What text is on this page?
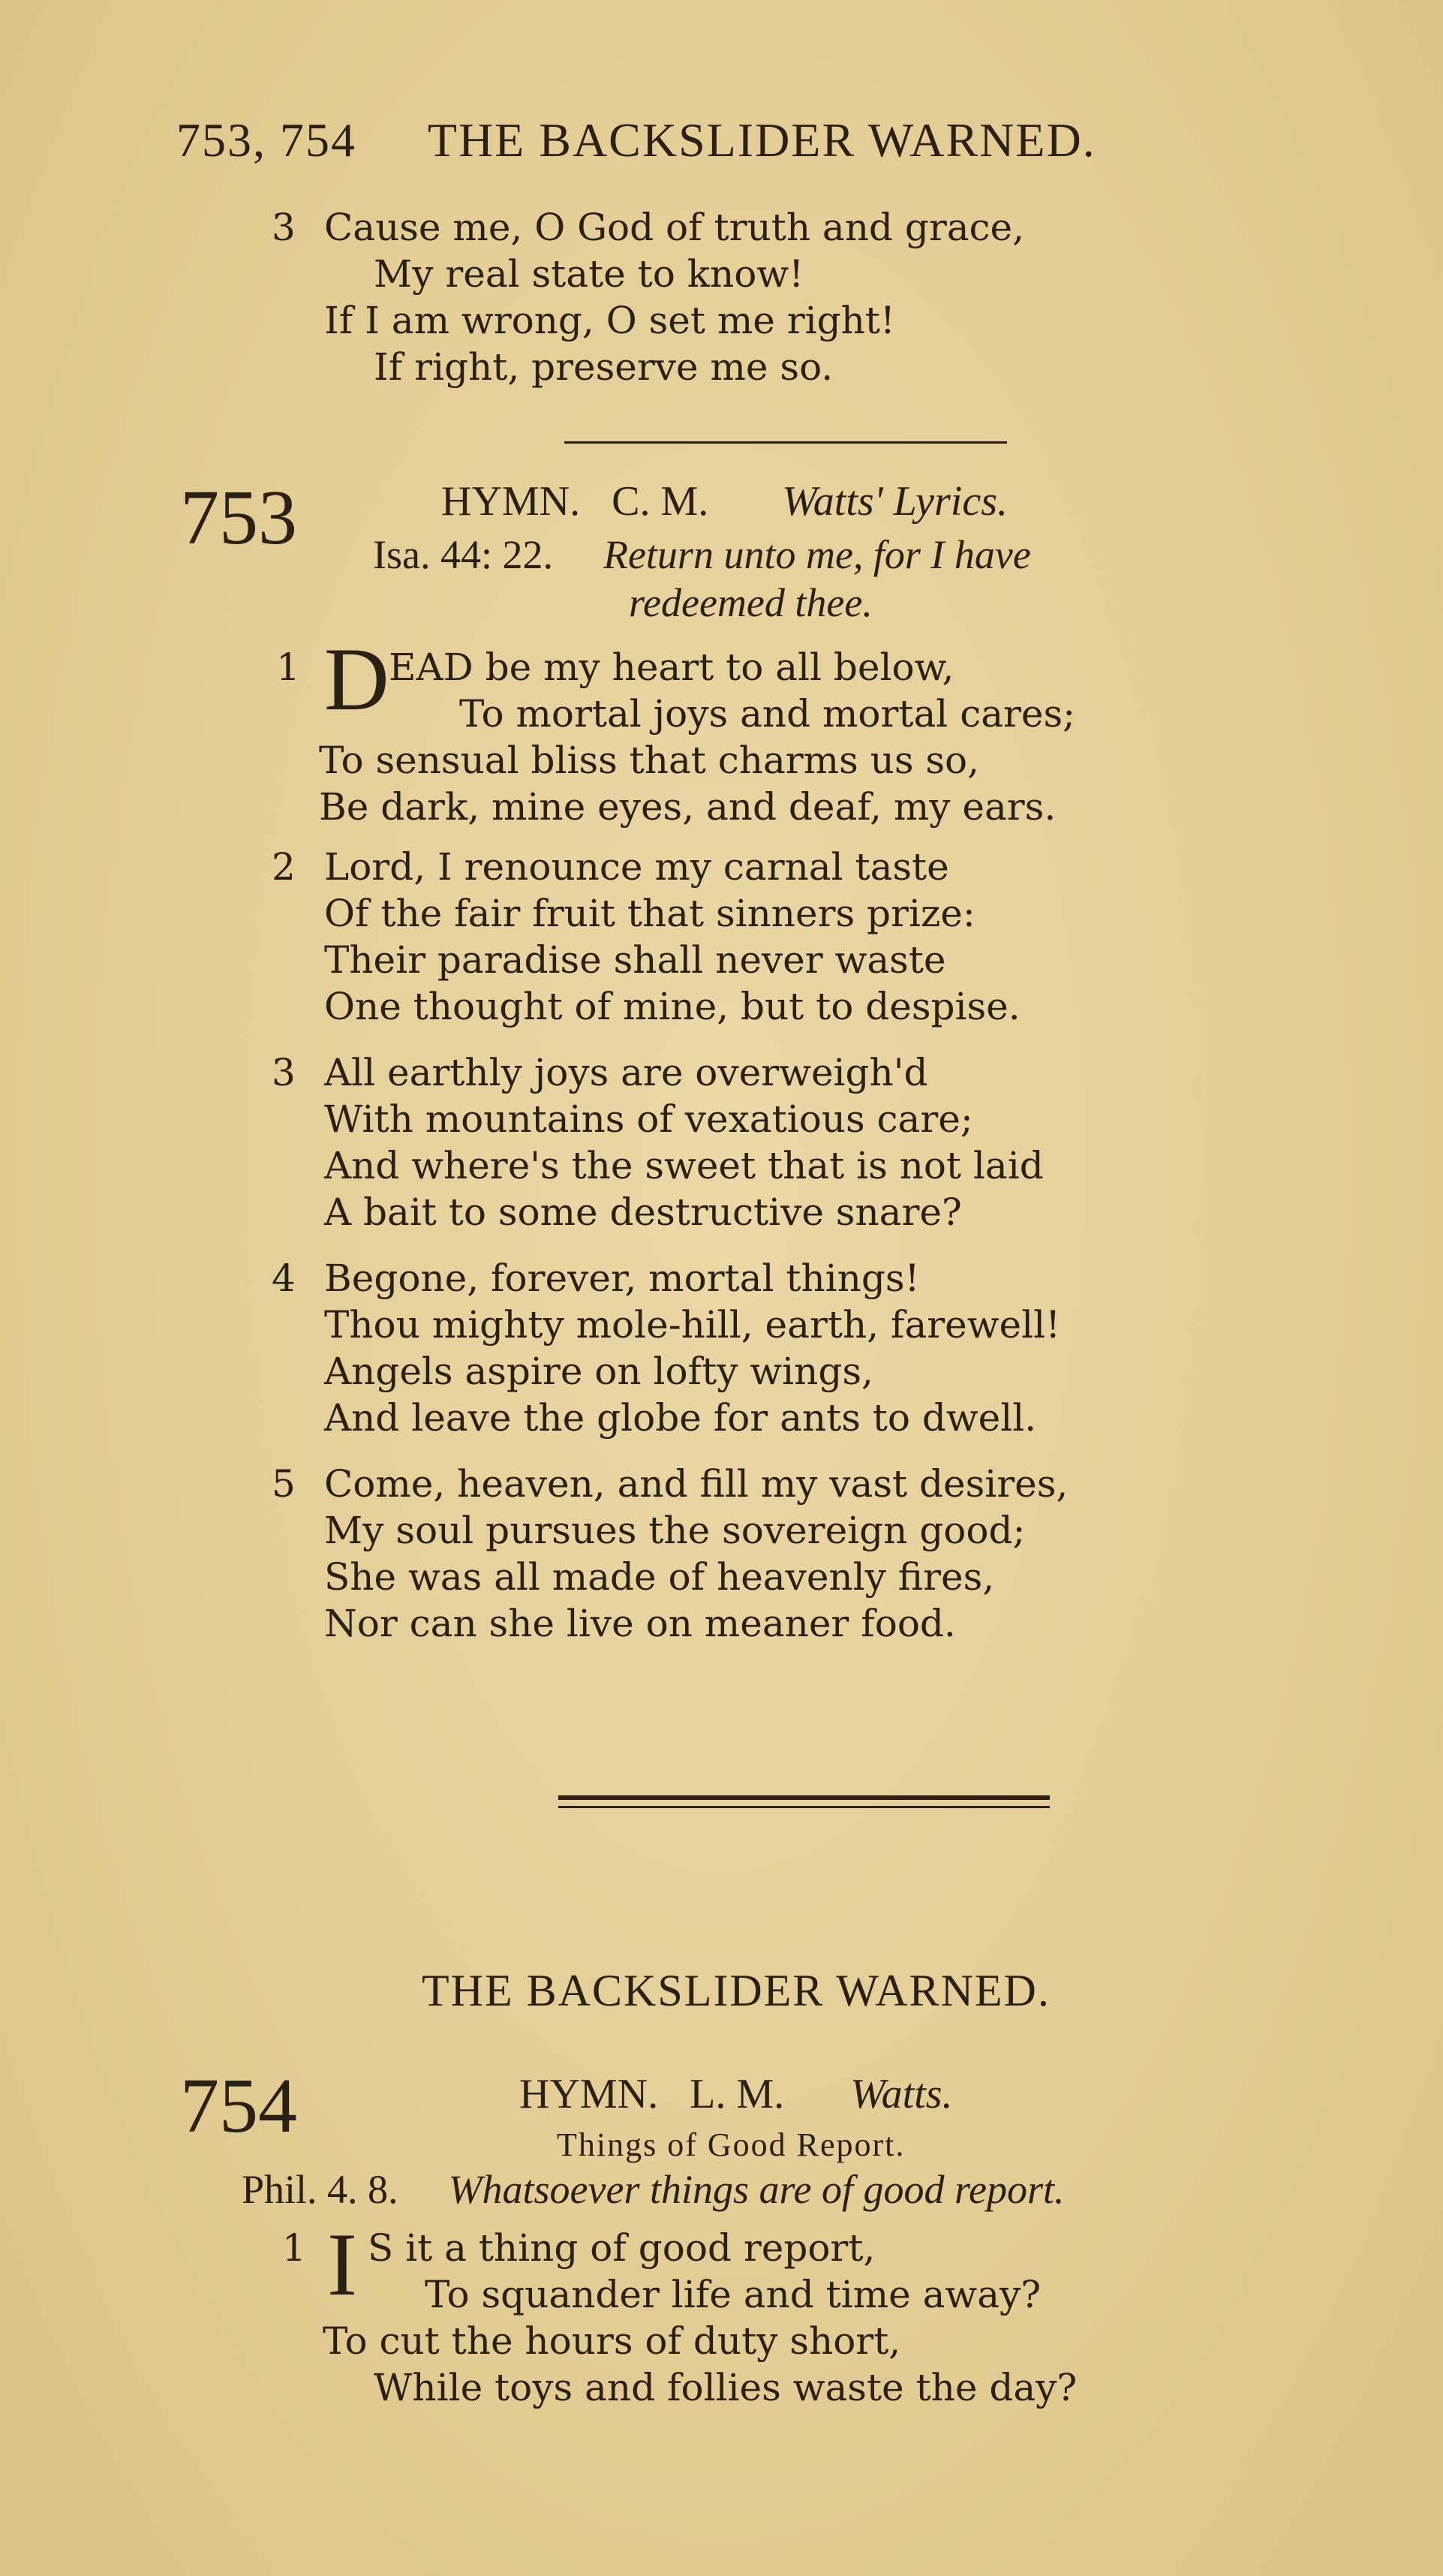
753, 754 THE BACKSLIDER WARNED.
3 Cause me, O God of truth and grace,
My real state to know!
If I am wrong, O set me right!
If right, preserve me so.
753	HYMN.   C. M. Watts' Lyrics.
Isa. 44: 22. Return unto me, for I have
redeemed thee.
1 D EAD be my heart to all below,
To mortal joys and mortal cares;
To sensual bliss that charms us so,
Be dark, mine eyes, and deaf, my ears.
2 Lord, I renounce my carnal taste
Of the fair fruit that sinners prize:
Their paradise shall never waste
One thought of mine, but to despise.
3 All earthly joys are overweigh'd
With mountains of vexatious care;
And where's the sweet that is not laid
A bait to some destructive snare?
4 Begone, forever, mortal things!
Thou mighty mole-hill, earth, farewell!
Angels aspire on lofty wings,
And leave the globe for ants to dwell.
5 Come, heaven, and fill my vast desires,
My soul pursues the sovereign good;
She was all made of heavenly fires,
Nor can she live on meaner food.
THE BACKSLIDER WARNED.
754	HYMN.   L. M. Watts.
Things of Good Report.
Phil. 4. 8. Whatsoever things are of good report.
1 I S it a thing of good report,
To squander life and time away?
To cut the hours of duty short,
While toys and follies waste the day?
